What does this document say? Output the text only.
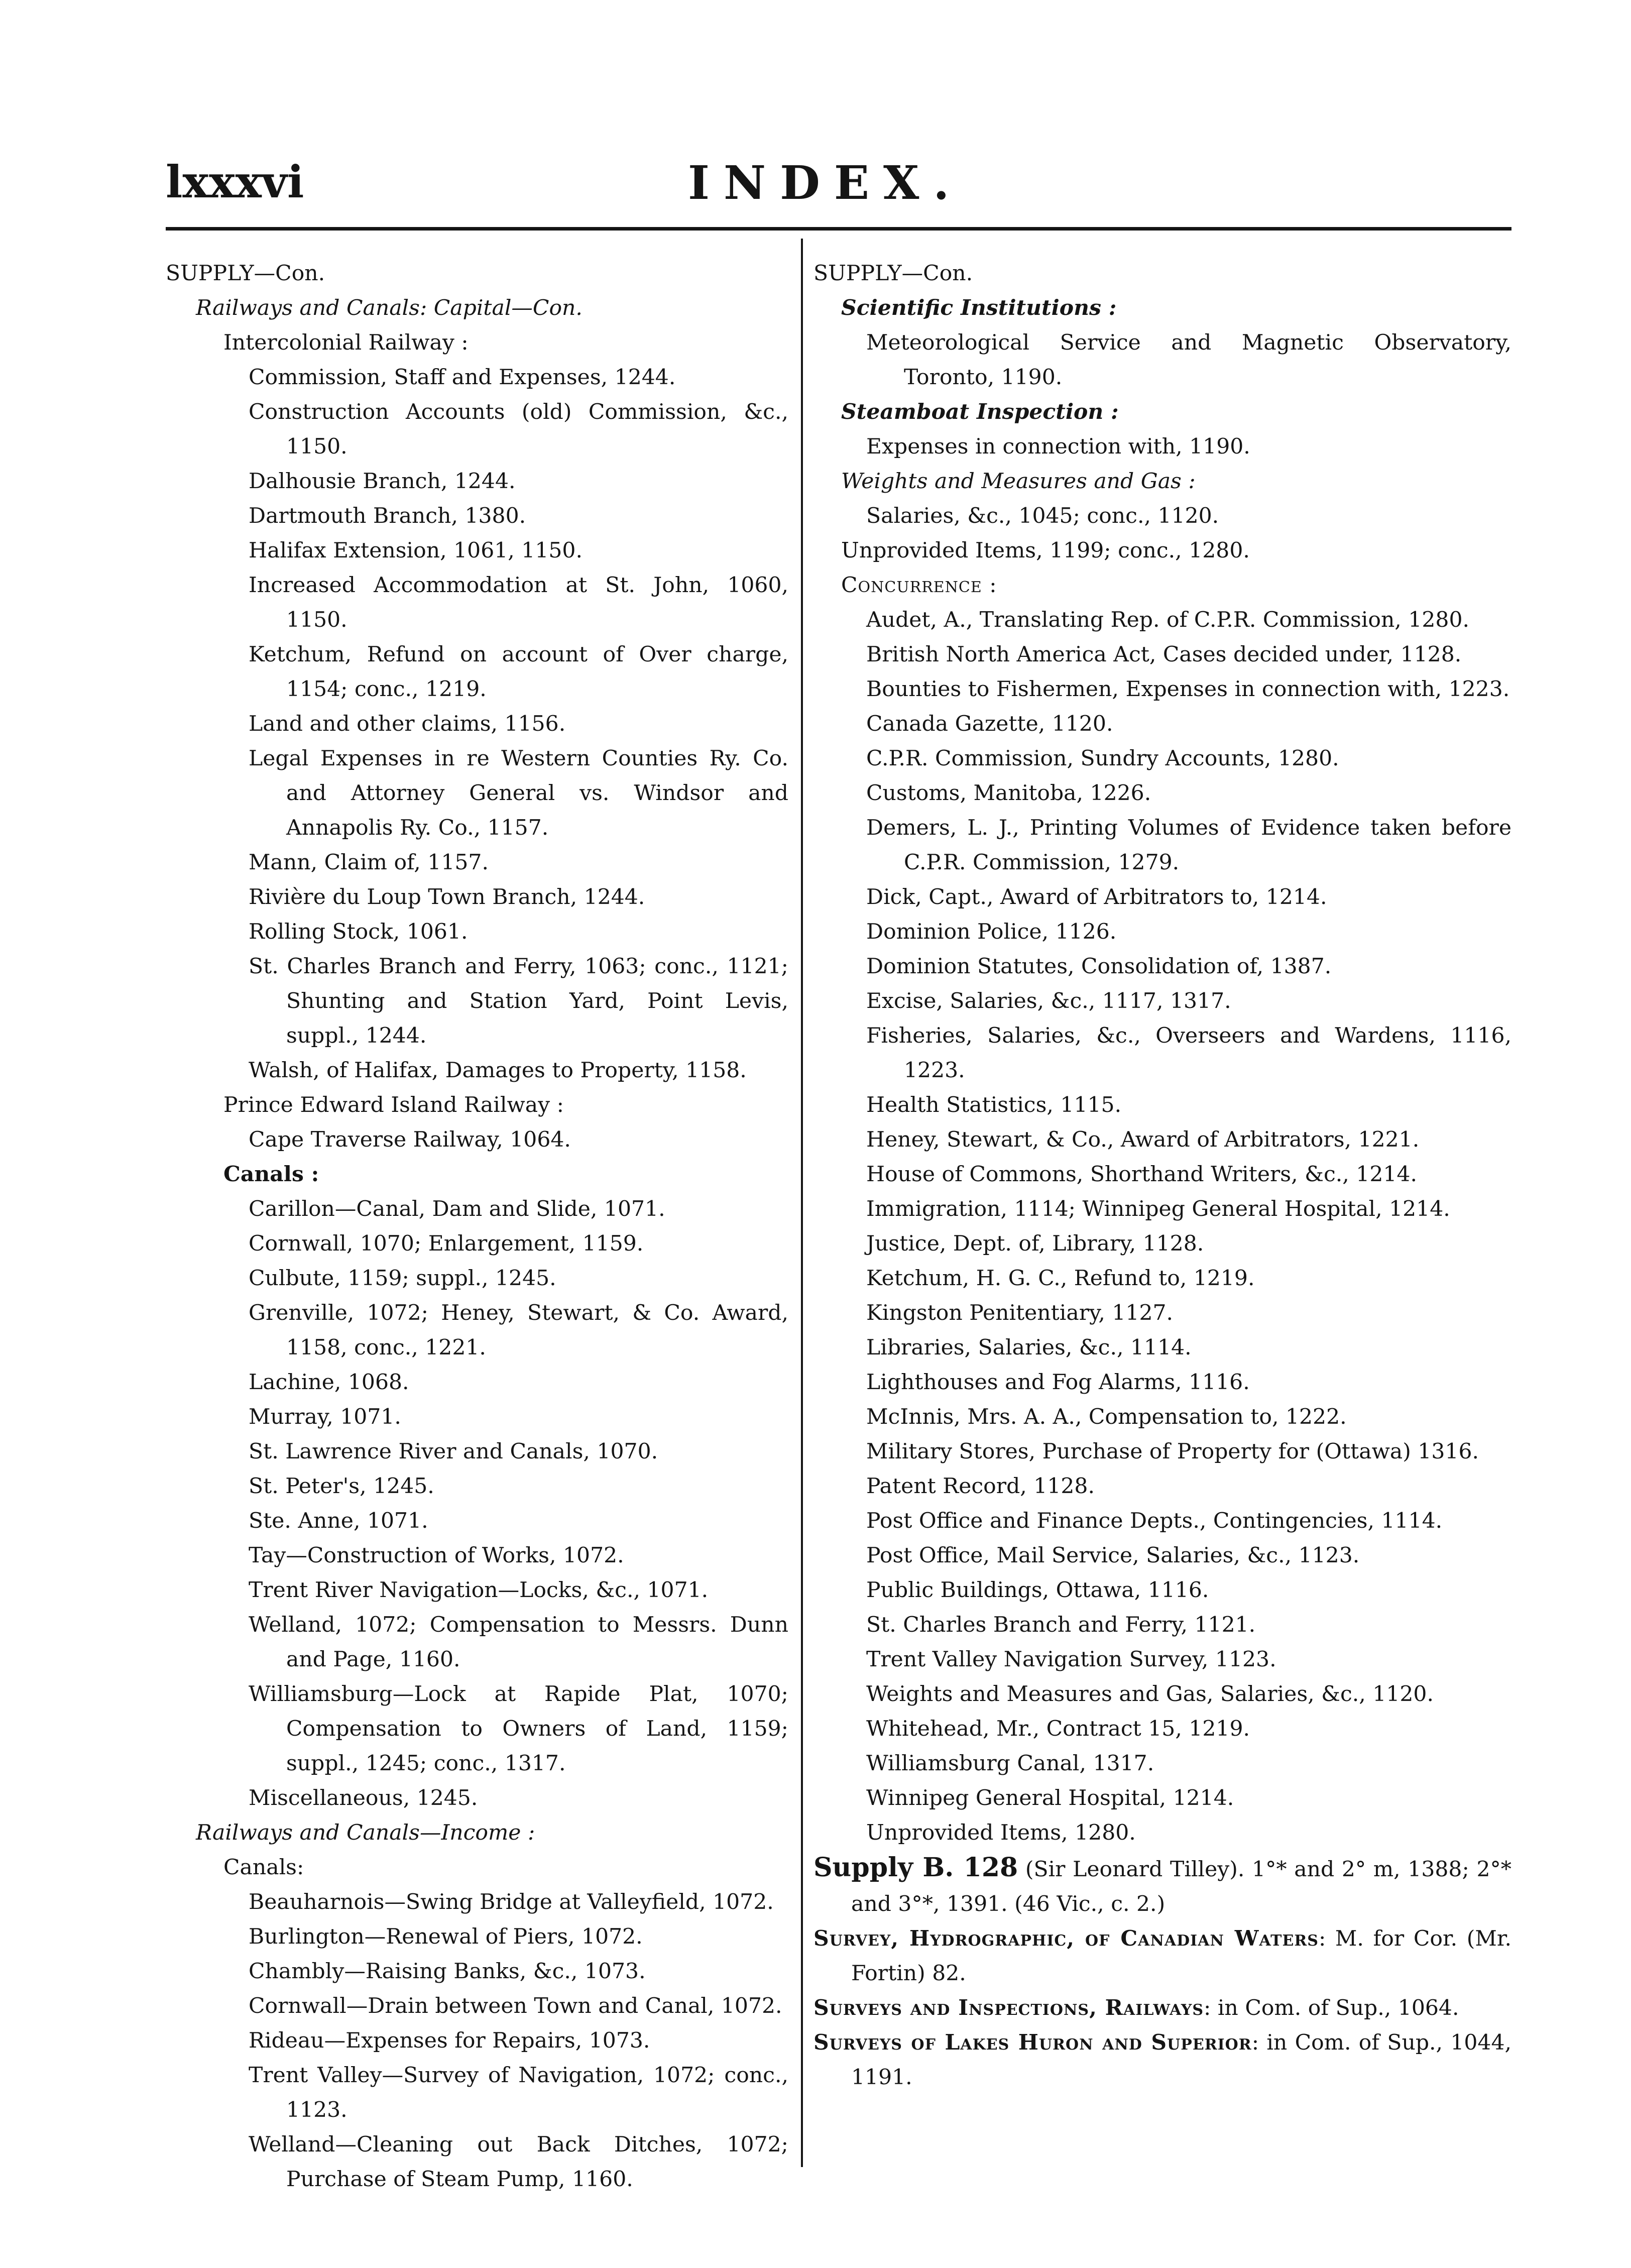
lxxxvi	INDEX.

SUPPLY—Con.

Railways and Canals: Capital—Con.

Intercolonial Railway :

Commission, Staff and Expenses, 1244.

Construction Accounts (old) Commission, &c., 1150.

Dalhousie Branch, 1244.

Dartmouth Branch, 1380.

Halifax Extension, 1061, 1150.

Increased Accommodation at St. John, 1060, 1150.

Ketchum, Refund on account of Over charge, 1154; conc., 1219.

Land and other claims, 1156.

Legal Expenses in re Western Counties Ry. Co. and Attorney General vs. Windsor and Annapolis Ry. Co., 1157.

Mann, Claim of, 1157.

Rivière du Loup Town Branch, 1244.

Rolling Stock, 1061.

St. Charles Branch and Ferry, 1063; conc., 1121; Shunting and Station Yard, Point Levis, suppl., 1244.

Walsh, of Halifax, Damages to Property, 1158.

Prince Edward Island Railway :

Cape Traverse Railway, 1064.

Canals :

Carillon—Canal, Dam and Slide, 1071.

Cornwall, 1070; Enlargement, 1159.

Culbute, 1159; suppl., 1245.

Grenville, 1072; Heney, Stewart, & Co. Award, 1158, conc., 1221.

Lachine, 1068.

Murray, 1071.

St. Lawrence River and Canals, 1070.

St. Peter's, 1245.

Ste. Anne, 1071.

Tay—Construction of Works, 1072.

Trent River Navigation—Locks, &c., 1071.

Welland, 1072; Compensation to Messrs. Dunn and Page, 1160.

Williamsburg—Lock at Rapide Plat, 1070; Compensation to Owners of Land, 1159; suppl., 1245; conc., 1317.

Miscellaneous, 1245.

Railways and Canals—Income :

Canals:

Beauharnois—Swing Bridge at Valleyfield, 1072.

Burlington—Renewal of Piers, 1072.

Chambly—Raising Banks, &c., 1073.

Cornwall—Drain between Town and Canal, 1072.

Rideau—Expenses for Repairs, 1073.

Trent Valley—Survey of Navigation, 1072; conc., 1123.

Welland—Cleaning out Back Ditches, 1072; Purchase of Steam Pump, 1160.

SUPPLY—Con.

Scientific Institutions :

Meteorological Service and Magnetic Observatory, Toronto, 1190.

Steamboat Inspection :

Expenses in connection with, 1190.

Weights and Measures and Gas :

Salaries, &c., 1045; conc., 1120.

Unprovided Items, 1199; conc., 1280.

Concurrence :

Audet, A., Translating Rep. of C.P.R. Commission, 1280.

British North America Act, Cases decided under, 1128.

Bounties to Fishermen, Expenses in connection with, 1223.

Canada Gazette, 1120.

C.P.R. Commission, Sundry Accounts, 1280.

Customs, Manitoba, 1226.

Demers, L. J., Printing Volumes of Evidence taken before C.P.R. Commission, 1279.

Dick, Capt., Award of Arbitrators to, 1214.

Dominion Police, 1126.

Dominion Statutes, Consolidation of, 1387.

Excise, Salaries, &c., 1117, 1317.

Fisheries, Salaries, &c., Overseers and Wardens, 1116, 1223.

Health Statistics, 1115.

Heney, Stewart, & Co., Award of Arbitrators, 1221.

House of Commons, Shorthand Writers, &c., 1214.

Immigration, 1114; Winnipeg General Hospital, 1214.

Justice, Dept. of, Library, 1128.

Ketchum, H. G. C., Refund to, 1219.

Kingston Penitentiary, 1127.

Libraries, Salaries, &c., 1114.

Lighthouses and Fog Alarms, 1116.

McInnis, Mrs. A. A., Compensation to, 1222.

Military Stores, Purchase of Property for (Ottawa) 1316.

Patent Record, 1128.

Post Office and Finance Depts., Contingencies, 1114.

Post Office, Mail Service, Salaries, &c., 1123.

Public Buildings, Ottawa, 1116.

St. Charles Branch and Ferry, 1121.

Trent Valley Navigation Survey, 1123.

Weights and Measures and Gas, Salaries, &c., 1120.

Whitehead, Mr., Contract 15, 1219.

Williamsburg Canal, 1317.

Winnipeg General Hospital, 1214.

Unprovided Items, 1280.

Supply B. 128 (Sir Leonard Tilley). 1°* and 2° m, 1388; 2°* and 3°*, 1391. (46 Vic., c. 2.)

Survey, Hydrographic, of Canadian Waters: M. for Cor. (Mr. Fortin) 82.

Surveys and Inspections, Railways: in Com. of Sup., 1064.

Surveys of Lakes Huron and Superior: in Com. of Sup., 1044, 1191.
